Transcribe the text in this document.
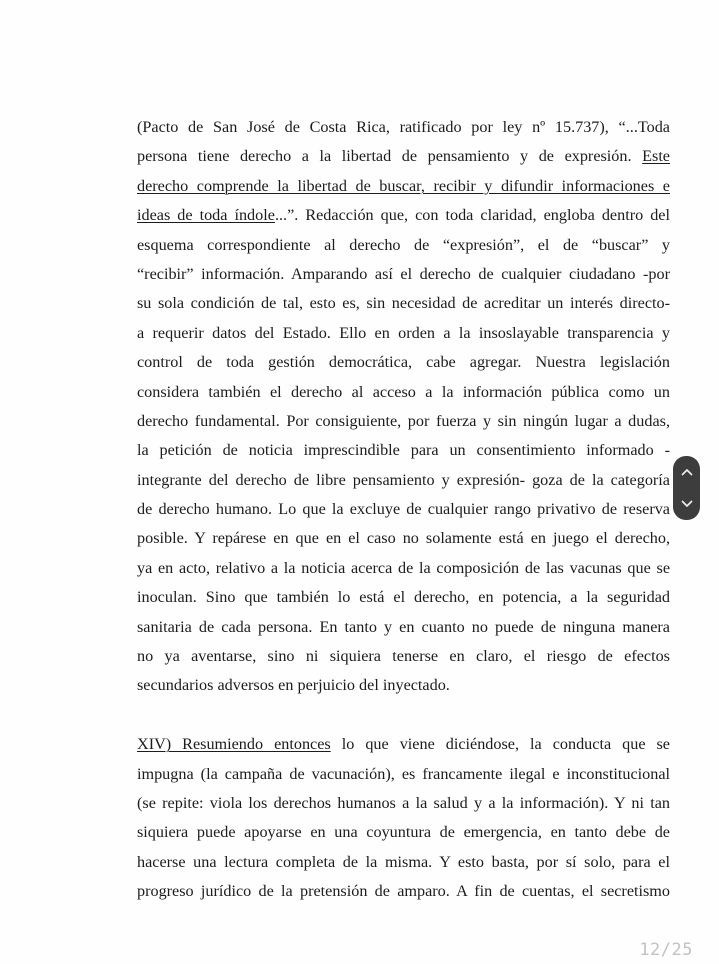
(Pacto de San José de Costa Rica, ratificado por ley nº 15.737), “...Toda
persona tiene derecho a la libertad de pensamiento y de expresión. Este
derecho comprende la libertad de buscar, recibir y difundir informaciones e
ideas de toda índole...”. Redacción que, con toda claridad, engloba dentro del
esquema correspondiente al derecho de “expresión”, el de “buscar” y
“recibir” información. Amparando así el derecho de cualquier ciudadano -por
su sola condición de tal, esto es, sin necesidad de acreditar un interés directo-
a requerir datos del Estado. Ello en orden a la insoslayable transparencia y
control de toda gestión democrática, cabe agregar. Nuestra legislación
considera también el derecho al acceso a la información pública como un
derecho fundamental. Por consiguiente, por fuerza y sin ningún lugar a dudas,
la petición de noticia imprescindible para un consentimiento informado -
integrante del derecho de libre pensamiento y expresión- goza de la categoría
de derecho humano. Lo que la excluye de cualquier rango privativo de reserva
posible. Y repárese en que en el caso no solamente está en juego el derecho,
ya en acto, relativo a la noticia acerca de la composición de las vacunas que se
inoculan. Sino que también lo está el derecho, en potencia, a la seguridad
sanitaria de cada persona. En tanto y en cuanto no puede de ninguna manera
no ya aventarse, sino ni siquiera tenerse en claro, el riesgo de efectos
secundarios adversos en perjuicio del inyectado.
XIV) Resumiendo entonces lo que viene diciéndose, la conducta que se
impugna (la campaña de vacunación), es francamente ilegal e inconstitucional
(se repite: viola los derechos humanos a la salud y a la información). Y ni tan
siquiera puede apoyarse en una coyuntura de emergencia, en tanto debe de
hacerse una lectura completa de la misma. Y esto basta, por sí solo, para el
progreso jurídico de la pretensión de amparo. A fin de cuentas, el secretismo
12/25
